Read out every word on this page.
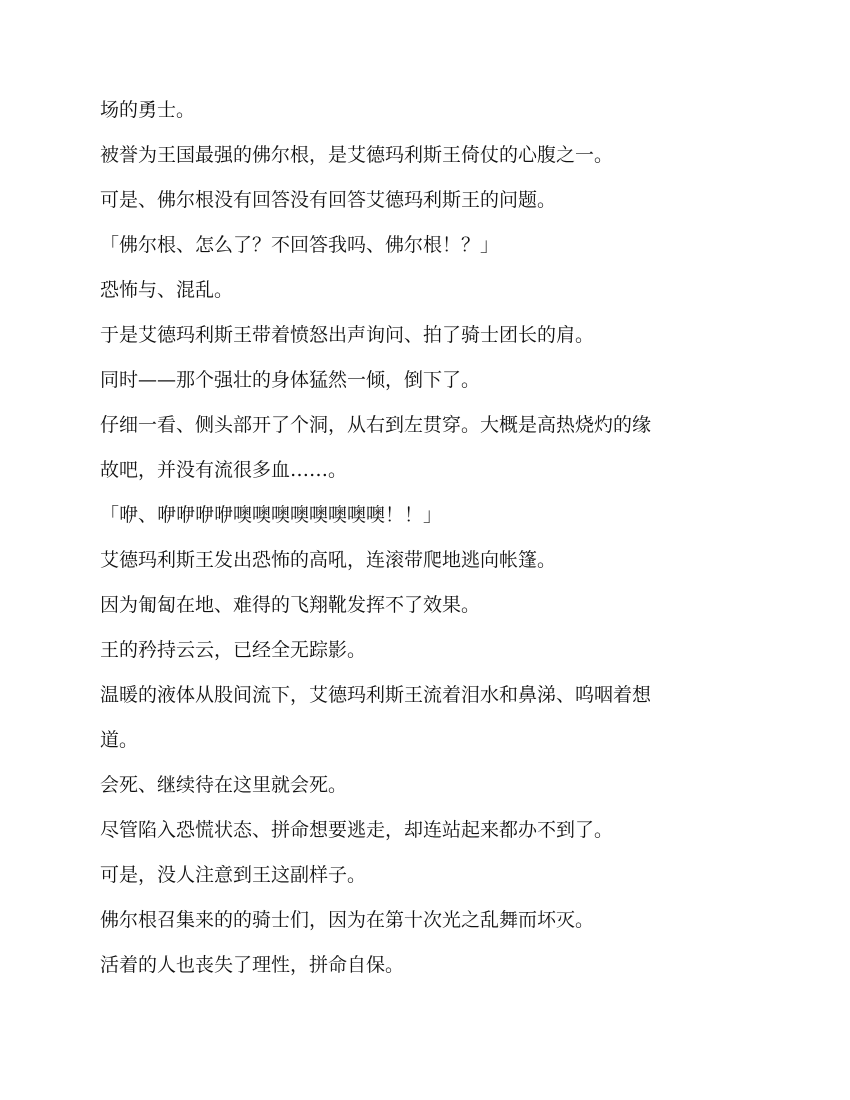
场的勇士。

被誉为王国最强的佛尔根，是艾德玛利斯王倚仗的心腹之一。

可是、佛尔根没有回答没有回答艾德玛利斯王的问题。

「佛尔根、怎么了？不回答我吗、佛尔根！？」

恐怖与、混乱。

于是艾德玛利斯王带着愤怒出声询问、拍了骑士团长的肩。

同时——那个强壮的身体猛然一倾，倒下了。

仔细一看、侧头部开了个洞，从右到左贯穿。大概是高热烧灼的缘

故吧，并没有流很多血……。

「咿、咿咿咿咿噢噢噢噢噢噢噢噢！！」

艾德玛利斯王发出恐怖的高吼，连滚带爬地逃向帐篷。

因为匍匐在地、难得的飞翔靴发挥不了效果。

王的矜持云云，已经全无踪影。

温暖的液体从股间流下，艾德玛利斯王流着泪水和鼻涕、呜咽着想

道。

会死、继续待在这里就会死。

尽管陷入恐慌状态、拼命想要逃走，却连站起来都办不到了。

可是，没人注意到王这副样子。

佛尔根召集来的的骑士们，因为在第十次光之乱舞而坏灭。

活着的人也丧失了理性，拼命自保。
